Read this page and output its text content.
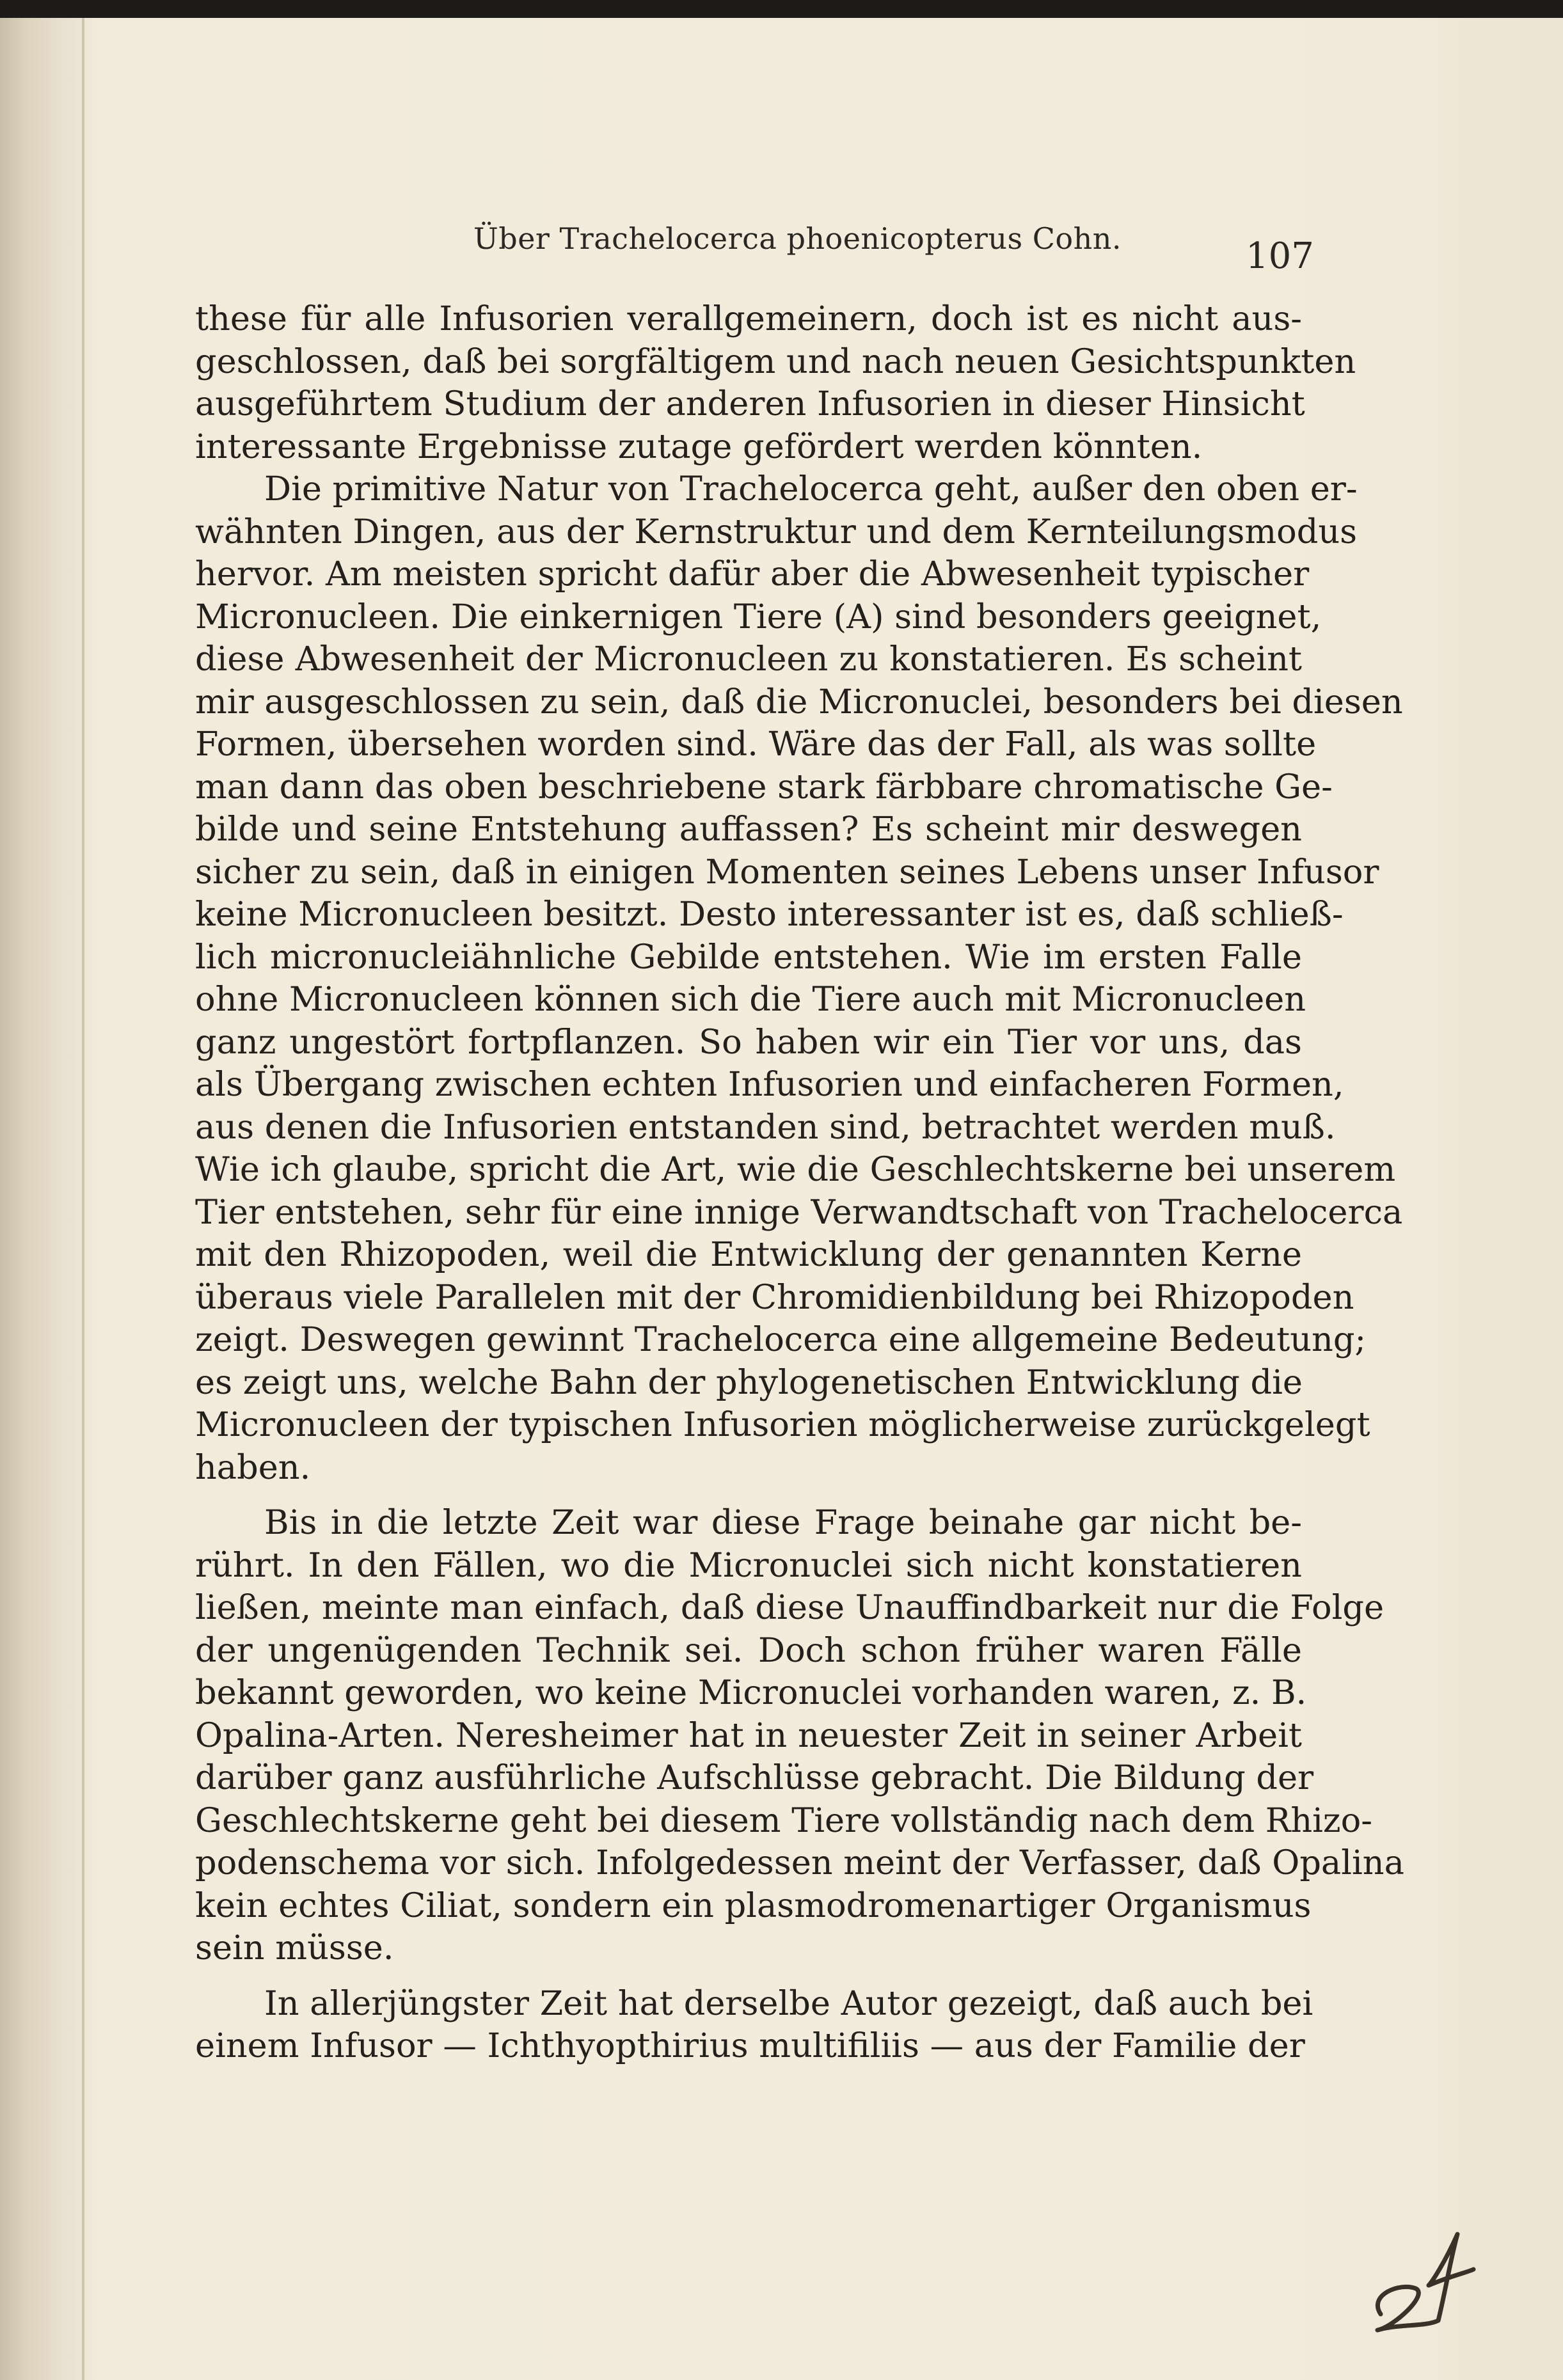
Über Trachelocerca phoenicopterus Cohn.	107
these für alle Infusorien verallgemeinern, doch ist es nicht aus-
geschlossen, daß bei sorgfältigem und nach neuen Gesichtspunkten
ausgeführtem Studium der anderen Infusorien in dieser Hinsicht
interessante Ergebnisse zutage gefördert werden könnten.
Die primitive Natur von Trachelocerca geht, außer den oben er-
wähnten Dingen, aus der Kernstruktur und dem Kernteilungsmodus
hervor. Am meisten spricht dafür aber die Abwesenheit typischer
Micronucleen. Die einkernigen Tiere (A) sind besonders geeignet,
diese Abwesenheit der Micronucleen zu konstatieren. Es scheint
mir ausgeschlossen zu sein, daß die Micronuclei, besonders bei diesen
Formen, übersehen worden sind. Wäre das der Fall, als was sollte
man dann das oben beschriebene stark färbbare chromatische Ge-
bilde und seine Entstehung auffassen? Es scheint mir deswegen
sicher zu sein, daß in einigen Momenten seines Lebens unser Infusor
keine Micronucleen besitzt. Desto interessanter ist es, daß schließ-
lich micronucleiähnliche Gebilde entstehen. Wie im ersten Falle
ohne Micronucleen können sich die Tiere auch mit Micronucleen
ganz ungestört fortpflanzen. So haben wir ein Tier vor uns, das
als Übergang zwischen echten Infusorien und einfacheren Formen,
aus denen die Infusorien entstanden sind, betrachtet werden muß.
Wie ich glaube, spricht die Art, wie die Geschlechtskerne bei unserem
Tier entstehen, sehr für eine innige Verwandtschaft von Trachelocerca
mit den Rhizopoden, weil die Entwicklung der genannten Kerne
überaus viele Parallelen mit der Chromidienbildung bei Rhizopoden
zeigt. Deswegen gewinnt Trachelocerca eine allgemeine Bedeutung;
es zeigt uns, welche Bahn der phylogenetischen Entwicklung die
Micronucleen der typischen Infusorien möglicherweise zurückgelegt
haben.
Bis in die letzte Zeit war diese Frage beinahe gar nicht be-
rührt. In den Fällen, wo die Micronuclei sich nicht konstatieren
ließen, meinte man einfach, daß diese Unauffindbarkeit nur die Folge
der ungenügenden Technik sei. Doch schon früher waren Fälle
bekannt geworden, wo keine Micronuclei vorhanden waren, z. B.
Opalina-Arten. Neresheimer hat in neuester Zeit in seiner Arbeit
darüber ganz ausführliche Aufschlüsse gebracht. Die Bildung der
Geschlechtskerne geht bei diesem Tiere vollständig nach dem Rhizo-
podenschema vor sich. Infolgedessen meint der Verfasser, daß Opalina
kein echtes Ciliat, sondern ein plasmodromenartiger Organismus
sein müsse.
In allerjüngster Zeit hat derselbe Autor gezeigt, daß auch bei
einem Infusor — Ichthyopthirius multifiliis — aus der Familie der
